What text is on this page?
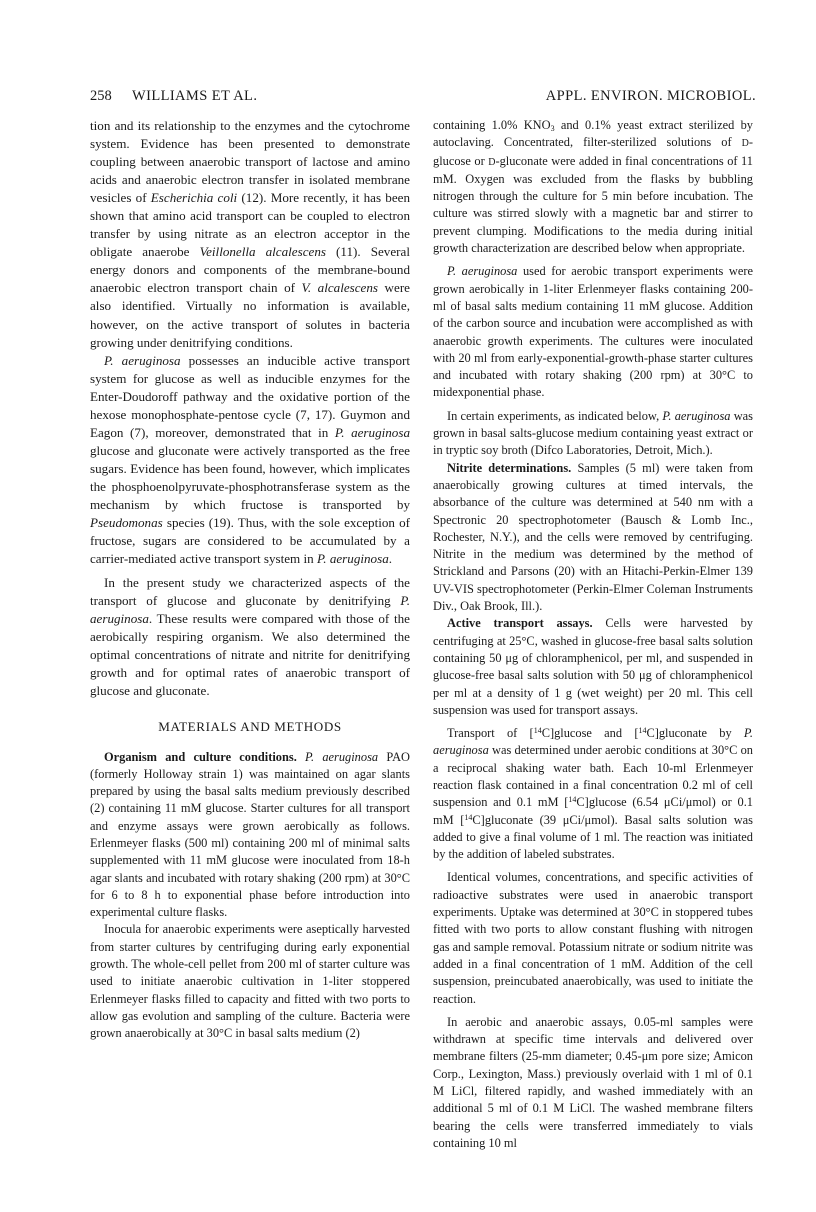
258 WILLIAMS ET AL.	APPL. ENVIRON. MICROBIOL.

tion and its relationship to the enzymes and the cytochrome system. Evidence has been presented to demonstrate coupling between anaerobic transport of lactose and amino acids and anaerobic electron transfer in isolated membrane vesicles of Escherichia coli (12). More recently, it has been shown that amino acid transport can be coupled to electron transfer by using nitrate as an electron acceptor in the obligate anaerobe Veillonella alcalescens (11). Several energy donors and components of the membrane-bound anaerobic electron transport chain of V. alcalescens were also identified. Virtually no information is available, however, on the active transport of solutes in bacteria growing under denitrifying conditions.

P. aeruginosa possesses an inducible active transport system for glucose as well as inducible enzymes for the Enter-Doudoroff pathway and the oxidative portion of the hexose monophosphate-pentose cycle (7, 17). Guymon and Eagon (7), moreover, demonstrated that in P. aeruginosa glucose and gluconate were actively transported as the free sugars. Evidence has been found, however, which implicates the phosphoenolpyruvate-phosphotransferase system as the mechanism by which fructose is transported by Pseudomonas species (19). Thus, with the sole exception of fructose, sugars are considered to be accumulated by a carrier-mediated active transport system in P. aeruginosa.

In the present study we characterized aspects of the transport of glucose and gluconate by denitrifying P. aeruginosa. These results were compared with those of the aerobically respiring organism. We also determined the optimal concentrations of nitrate and nitrite for denitrifying growth and for optimal rates of anaerobic transport of glucose and gluconate.

MATERIALS AND METHODS

Organism and culture conditions. P. aeruginosa PAO (formerly Holloway strain 1) was maintained on agar slants prepared by using the basal salts medium previously described (2) containing 11 mM glucose. Starter cultures for all transport and enzyme assays were grown aerobically as follows. Erlenmeyer flasks (500 ml) containing 200 ml of minimal salts supplemented with 11 mM glucose were inoculated from 18-h agar slants and incubated with rotary shaking (200 rpm) at 30°C for 6 to 8 h to exponential phase before introduction into experimental culture flasks.

Inocula for anaerobic experiments were aseptically harvested from starter cultures by centrifuging during early exponential growth. The whole-cell pellet from 200 ml of starter culture was used to initiate anaerobic cultivation in 1-liter stoppered Erlenmeyer flasks filled to capacity and fitted with two ports to allow gas evolution and sampling of the culture. Bacteria were grown anaerobically at 30°C in basal salts medium (2)

containing 1.0% $KNO_3$ and 0.1% yeast extract sterilized by autoclaving. Concentrated, filter-sterilized solutions of D-glucose or D-gluconate were added in final concentrations of 11 mM. Oxygen was excluded from the flasks by bubbling nitrogen through the culture for 5 min before incubation. The culture was stirred slowly with a magnetic bar and stirrer to prevent clumping. Modifications to the media during initial growth characterization are described below when appropriate.

P. aeruginosa used for aerobic transport experiments were grown aerobically in 1-liter Erlenmeyer flasks containing 200-ml of basal salts medium containing 11 mM glucose. Addition of the carbon source and incubation were accomplished as with anaerobic growth experiments. The cultures were inoculated with 20 ml from early-exponential-growth-phase starter cultures and incubated with rotary shaking (200 rpm) at 30°C to midexponential phase.

In certain experiments, as indicated below, P. aeruginosa was grown in basal salts-glucose medium containing yeast extract or in tryptic soy broth (Difco Laboratories, Detroit, Mich.).

Nitrite determinations. Samples (5 ml) were taken from anaerobically growing cultures at timed intervals, the absorbance of the culture was determined at 540 nm with a Spectronic 20 spectrophotometer (Bausch & Lomb Inc., Rochester, N.Y.), and the cells were removed by centrifuging. Nitrite in the medium was determined by the method of Strickland and Parsons (20) with an Hitachi-Perkin-Elmer 139 UV-VIS spectrophotometer (Perkin-Elmer Coleman Instruments Div., Oak Brook, Ill.).

Active transport assays. Cells were harvested by centrifuging at 25°C, washed in glucose-free basal salts solution containing 50 μg of chloramphenicol, per ml, and suspended in glucose-free basal salts solution with 50 μg of chloramphenicol per ml at a density of 1 g (wet weight) per 20 ml. This cell suspension was used for transport assays.

Transport of [$^{14}$C]glucose and [$^{14}$C]gluconate by P. aeruginosa was determined under aerobic conditions at 30°C on a reciprocal shaking water bath. Each 10-ml Erlenmeyer reaction flask contained in a final concentration 0.2 ml of cell suspension and 0.1 mM [$^{14}$C]glucose (6.54 μCi/μmol) or 0.1 mM [$^{14}$C]gluconate (39 μCi/μmol). Basal salts solution was added to give a final volume of 1 ml. The reaction was initiated by the addition of labeled substrates.

Identical volumes, concentrations, and specific activities of radioactive substrates were used in anaerobic transport experiments. Uptake was determined at 30°C in stoppered tubes fitted with two ports to allow constant flushing with nitrogen gas and sample removal. Potassium nitrate or sodium nitrite was added in a final concentration of 1 mM. Addition of the cell suspension, preincubated anaerobically, was used to initiate the reaction.

In aerobic and anaerobic assays, 0.05-ml samples were withdrawn at specific time intervals and delivered over membrane filters (25-mm diameter; 0.45-μm pore size; Amicon Corp., Lexington, Mass.) previously overlaid with 1 ml of 0.1 M LiCl, filtered rapidly, and washed immediately with an additional 5 ml of 0.1 M LiCl. The washed membrane filters bearing the cells were transferred immediately to vials containing 10 ml
